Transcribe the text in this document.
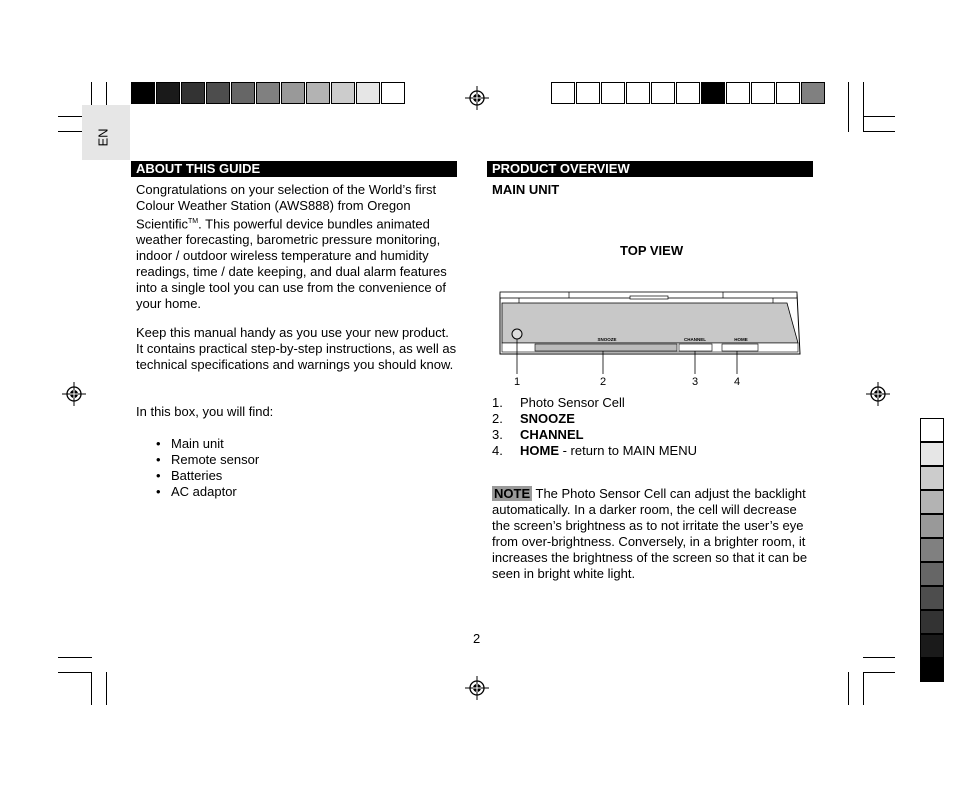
EN
ABOUT THIS GUIDE

Congratulations on your selection of the World’s first Colour Weather Station (AWS888) from Oregon Scientific™. This powerful device bundles animated weather forecasting, barometric pressure monitoring, indoor / outdoor wireless temperature and humidity readings, time / date keeping, and dual alarm features into a single tool you can use from the convenience of your home.

Keep this manual handy as you use your new product. It contains practical step-by-step instructions, as well as technical specifications and warnings you should know.
In this box, you will find:
• Main unit
• Remote sensor
• Batteries
• AC adaptor
PRODUCT OVERVIEW
MAIN UNIT
TOP VIEW
SNOOZE	CHANNEL	HOME
1	2	3	4
1.	Photo Sensor Cell
2.	SNOOZE
3.	CHANNEL
4.	HOME - return to MAIN MENU

NOTE The Photo Sensor Cell can adjust the backlight automatically. In a darker room, the cell will decrease the screen’s brightness as to not irritate the user’s eye from over-brightness. Conversely, in a brighter room, it increases the brightness of the screen so that it can be seen in bright white light.

2
